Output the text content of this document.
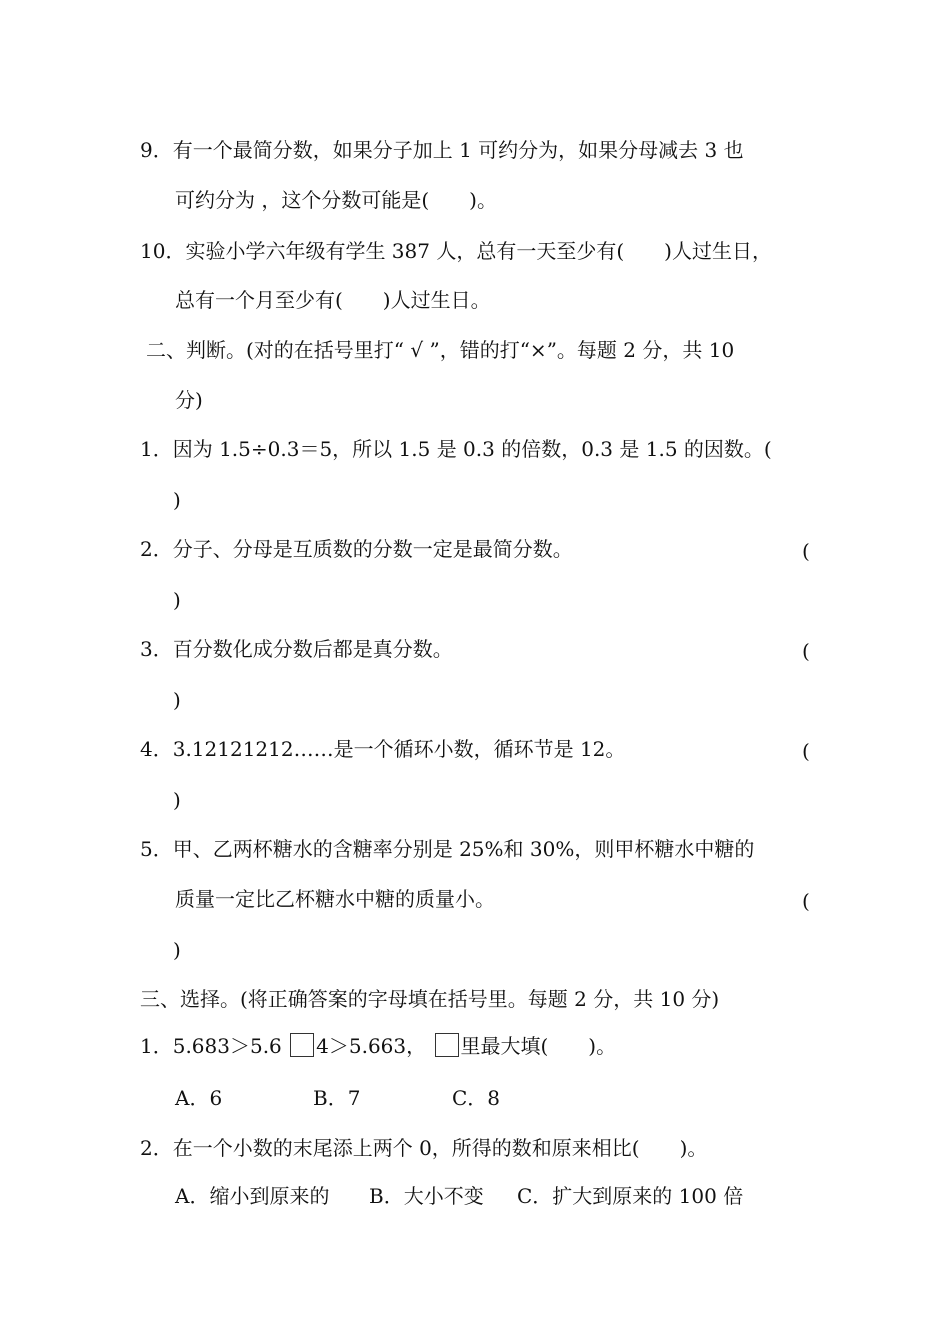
9．有一个最简分数，如果分子加上 1 可约分为，如果分母减去 3 也
可约分为 ，这个分数可能是(　　)。
10．实验小学六年级有学生 387 人，总有一天至少有(　　)人过生日，
总有一个月至少有(　　)人过生日。
二、判断。(对的在括号里打“ √ ”，错的打“×”。每题 2 分，共 10
分)
1．因为 1.5÷0.3＝5，所以 1.5 是 0.3 的倍数，0.3 是 1.5 的因数。(
)
2．分子、分母是互质数的分数一定是最简分数。	(
)
3．百分数化成分数后都是真分数。	(
)
4．3.12121212……是一个循环小数，循环节是 12。	(
)
5．甲、乙两杯糖水的含糖率分别是 25%和 30%，则甲杯糖水中糖的
质量一定比乙杯糖水中糖的质量小。	(
)
三、选择。(将正确答案的字母填在括号里。每题 2 分，共 10 分)
1．5.683＞5.6 4＞5.663， 里最大填(　　)。
A．6	B．7	C．8
2．在一个小数的末尾添上两个 0，所得的数和原来相比(　　)。
A．缩小到原来的 B．大小不变 C．扩大到原来的 100 倍
